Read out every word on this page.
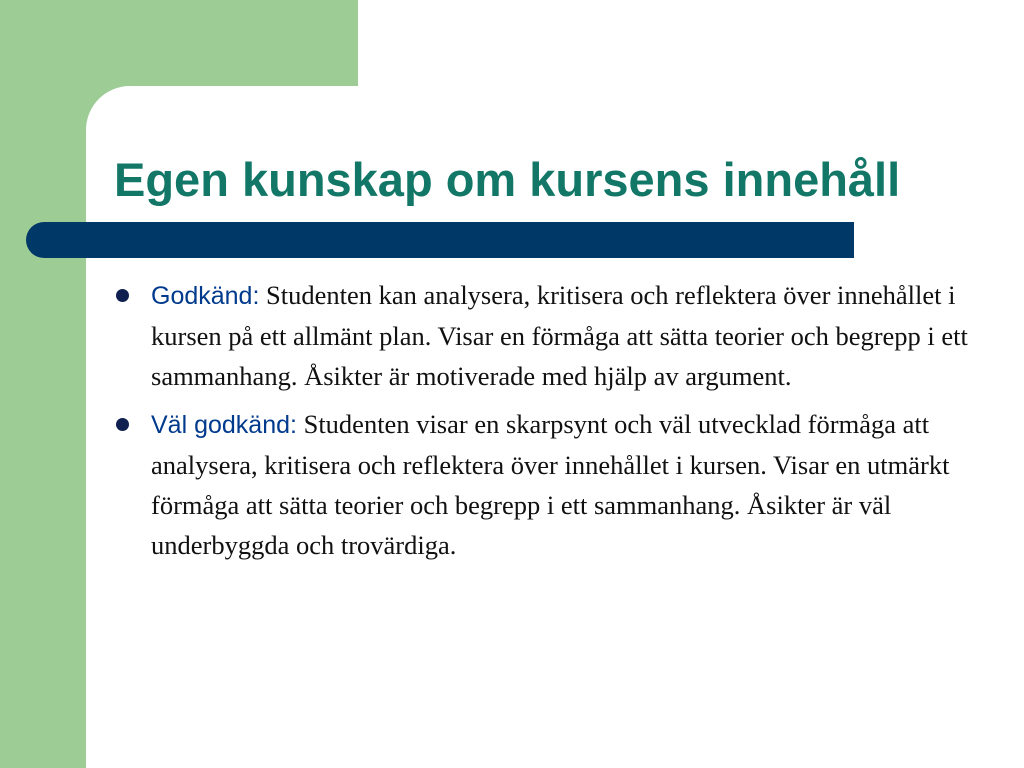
Egen kunskap om kursens innehåll
Godkänd: Studenten kan analysera, kritisera och reflektera över innehållet i kursen på ett allmänt plan. Visar en förmåga att sätta teorier och begrepp i ett sammanhang. Åsikter är motiverade med hjälp av argument.
Väl godkänd: Studenten visar en skarpsynt och väl utvecklad förmåga att analysera, kritisera och reflektera över innehållet i kursen. Visar en utmärkt förmåga att sätta teorier och begrepp i ett sammanhang. Åsikter är väl underbyggda och trovärdiga.
